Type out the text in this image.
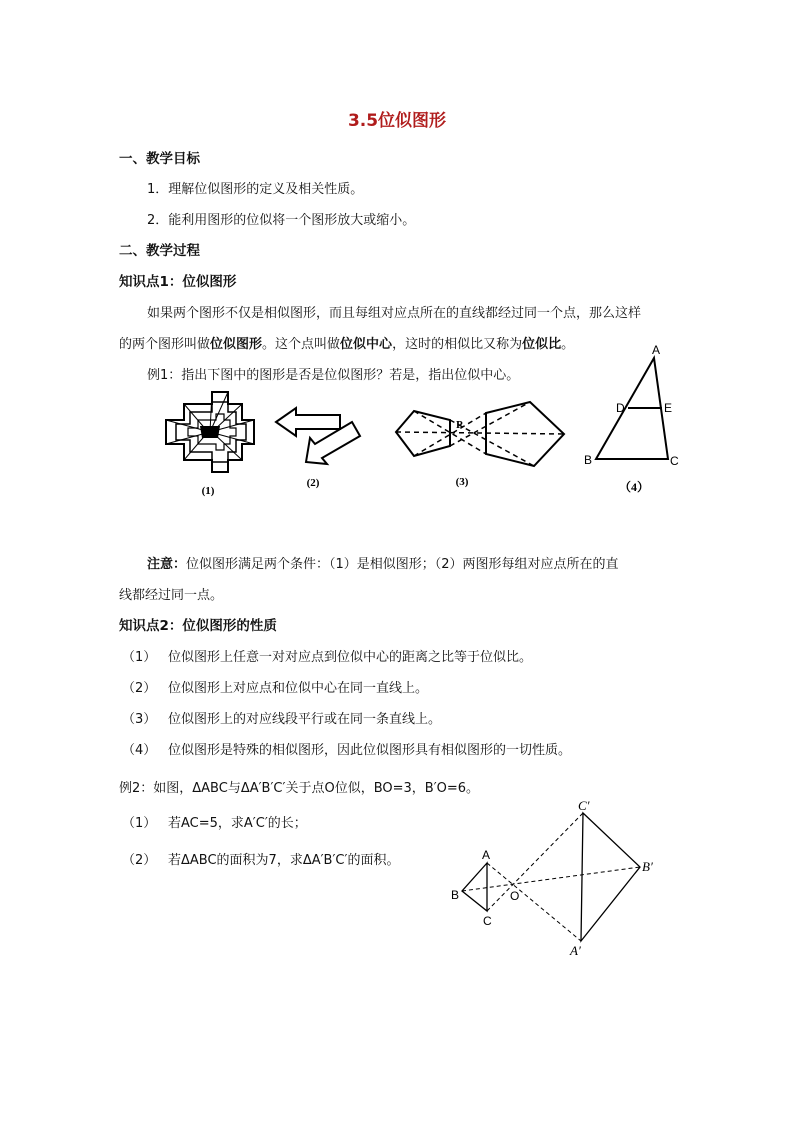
3.5位似图形
一、教学目标
1．理解位似图形的定义及相关性质。
2．能利用图形的位似将一个图形放大或缩小。
二、教学过程
知识点1：位似图形
如果两个图形不仅是相似图形，而且每组对应点所在的直线都经过同一个点，那么这样
的两个图形叫做位似图形。这个点叫做位似中心，这时的相似比又称为位似比。
例1：指出下图中的图形是否是位似图形？若是，指出位似中心。
(1)
(2)
P
(3)
A
D	E
B	C
（4）
注意：位似图形满足两个条件：（1）是相似图形；（2）两图形每组对应点所在的直
线都经过同一点。
知识点2：位似图形的性质
（1） 位似图形上任意一对对应点到位似中心的距离之比等于位似比。
（2） 位似图形上对应点和位似中心在同一直线上。
（3） 位似图形上的对应线段平行或在同一条直线上。
（4） 位似图形是特殊的相似图形，因此位似图形具有相似图形的一切性质。
例2：如图，ΔABC与ΔA′B′C′关于点O位似，BO=3，B′O=6。
（1） 若AC=5，求A′C′的长；
（2） 若ΔABC的面积为7，求ΔA′B′C′的面积。	A
B
C
O
C′
B′
A′
